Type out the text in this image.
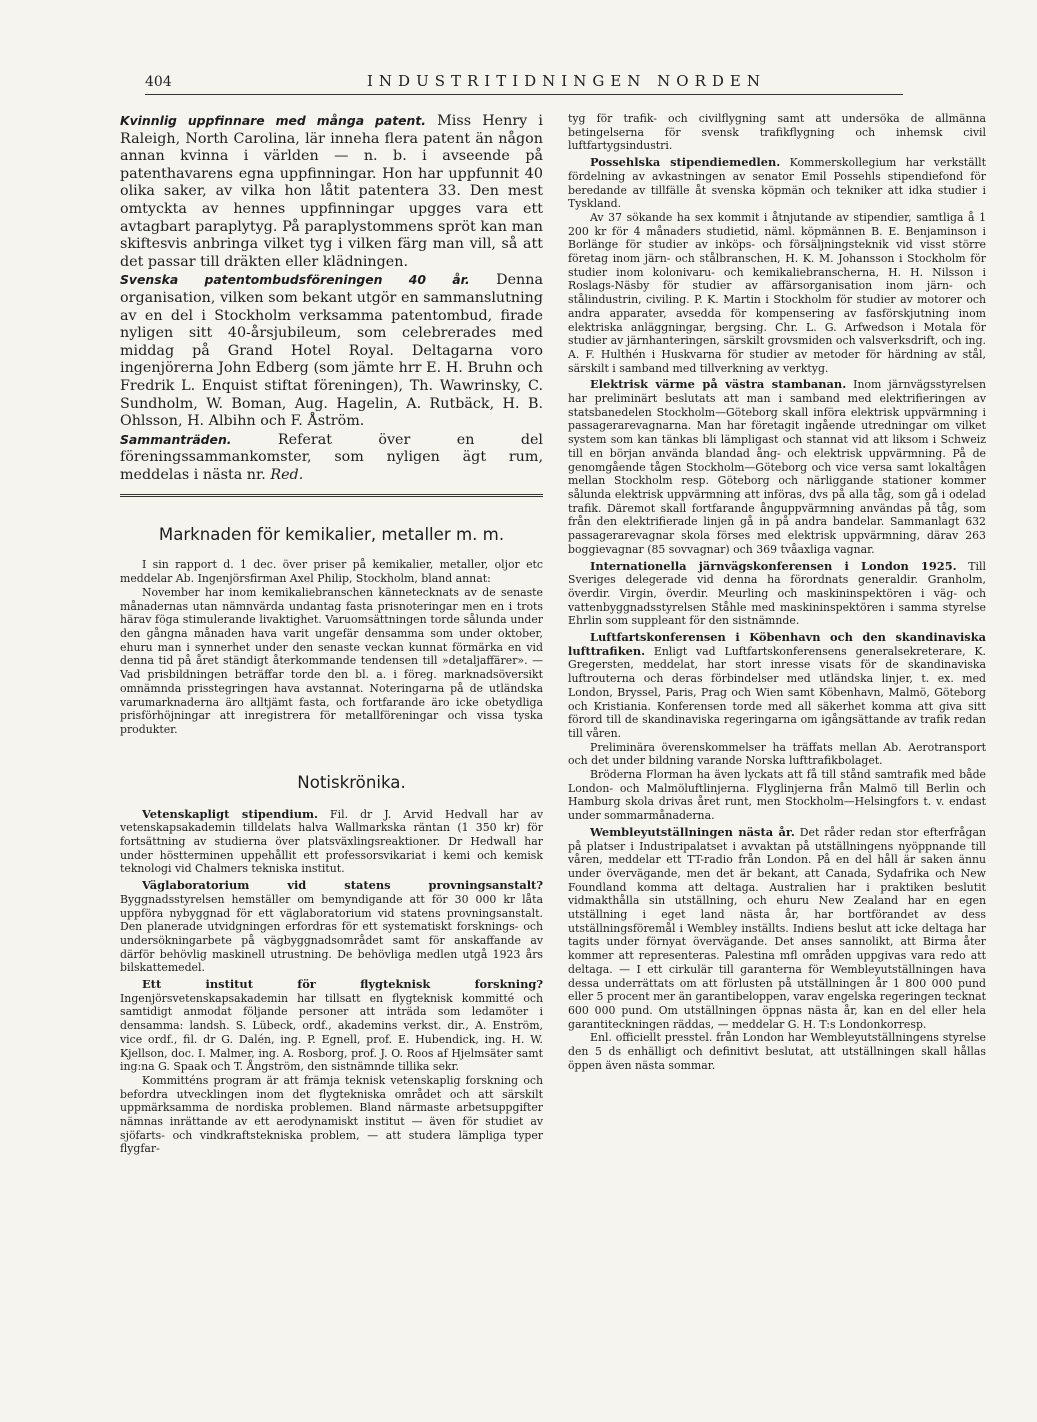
404	INDUSTRITIDNINGEN NORDEN

Kvinnlig uppfinnare med många patent. Miss Henry i Raleigh, North Carolina, lär inneha flera patent än någon annan kvinna i världen — n. b. i avseende på patenthavarens egna uppfinningar. Hon har uppfunnit 40 olika saker, av vilka hon låtit patentera 33. Den mest omtyckta av hennes uppfinningar upgges vara ett avtagbart paraplytyg. På paraplystommens spröt kan man skiftesvis anbringa vilket tyg i vilken färg man vill, så att det passar till dräkten eller klädningen.

Svenska patentombudsföreningen 40 år. Denna organisation, vilken som bekant utgör en sammanslutning av en del i Stockholm verksamma patentombud, firade nyligen sitt 40-årsjubileum, som celebrerades med middag på Grand Hotel Royal. Deltagarna voro ingenjörerna John Edberg (som jämte hrr E. H. Bruhn och Fredrik L. Enquist stiftat föreningen), Th. Wawrinsky, C. Sundholm, W. Boman, Aug. Hagelin, A. Rutbäck, H. B. Ohlsson, H. Albihn och F. Åström.

Sammanträden. Referat över en del föreningssammankomster, som nyligen ägt rum, meddelas i nästa nr. Red.

Marknaden för kemikalier, metaller m. m.

I sin rapport d. 1 dec. över priser på kemikalier, metaller, oljor etc meddelar Ab. Ingenjörsfirman Axel Philip, Stockholm, bland annat:

November har inom kemikaliebranschen kännetecknats av de senaste månadernas utan nämnvärda undantag fasta prisnoteringar men en i trots härav föga stimulerande livaktighet. Varuomsättningen torde sålunda under den gångna månaden hava varit ungefär densamma som under oktober, ehuru man i synnerhet under den senaste veckan kunnat förmärka en vid denna tid på året ständigt återkommande tendensen till »detaljaffärer». — Vad prisbildningen beträffar torde den bl. a. i föreg. marknadsöversikt omnämnda prisstegringen hava avstannat. Noteringarna på de utländska varumarknaderna äro alltjämt fasta, och fortfarande äro icke obetydliga prisförhöjningar att inregistrera för metallföreningar och vissa tyska produkter.

Notiskrönika.

Vetenskapligt stipendium. Fil. dr J. Arvid Hedvall har av vetenskapsakademin tilldelats halva Wallmarkska räntan (1 350 kr) för fortsättning av studierna över platsväxlingsreaktioner. Dr Hedwall har under höstterminen uppehållit ett professorsvikariat i kemi och kemisk teknologi vid Chalmers tekniska institut.

Väglaboratorium vid statens provningsanstalt? Byggnadsstyrelsen hemställer om bemyndigande att för 30 000 kr låta uppföra nybyggnad för ett väglaboratorium vid statens provningsanstalt. Den planerade utvidgningen erfordras för ett systematiskt forsknings- och undersökningarbete på vägbyggnadsområdet samt för anskaffande av därför behövlig maskinell utrustning. De behövliga medlen utgå 1923 års bilskattemedel.

Ett institut för flygteknisk forskning? Ingenjörsvetenskapsakademin har tillsatt en flygteknisk kommitté och samtidigt anmodat följande personer att inträda som ledamöter i densamma: landsh. S. Lübeck, ordf., akademins verkst. dir., A. Enström, vice ordf., fil. dr G. Dalén, ing. P. Egnell, prof. E. Hubendick, ing. H. W. Kjellson, doc. I. Malmer, ing. A. Rosborg, prof. J. O. Roos af Hjelmsäter samt ing:na G. Spaak och T. Ångström, den sistnämnde tillika sekr.

Kommitténs program är att främja teknisk vetenskaplig forskning och befordra utvecklingen inom det flygtekniska området och att särskilt uppmärksamma de nordiska problemen. Bland närmaste arbetsuppgifter nämnas inrättande av ett aerodynamiskt institut — även för studiet av sjöfarts- och vindkraftstekniska problem, — att studera lämpliga typer flygfar-

tyg för trafik- och civilflygning samt att undersöka de allmänna betingelserna för svensk trafikflygning och inhemsk civil luftfartygsindustri.

Possehlska stipendiemedlen. Kommerskollegium har verkställt fördelning av avkastningen av senator Emil Possehls stipendiefond för beredande av tillfälle åt svenska köpmän och tekniker att idka studier i Tyskland.

Av 37 sökande ha sex kommit i åtnjutande av stipendier, samtliga å 1 200 kr för 4 månaders studietid, näml. köpmännen B. E. Benjaminson i Borlänge för studier av inköps- och försäljningsteknik vid visst större företag inom järn- och stålbranschen, H. K. M. Johansson i Stockholm för studier inom kolonivaru- och kemikaliebranscherna, H. H. Nilsson i Roslags-Näsby för studier av affärsorganisation inom järn- och stålindustrin, civiling. P. K. Martin i Stockholm för studier av motorer och andra apparater, avsedda för kompensering av fasförskjutning inom elektriska anläggningar, bergsing. Chr. L. G. Arfwedson i Motala för studier av järnhanteringen, särskilt grovsmiden och valsverksdrift, och ing. A. F. Hulthén i Huskvarna för studier av metoder för härdning av stål, särskilt i samband med tillverkning av verktyg.

Elektrisk värme på västra stambanan. Inom järnvägsstyrelsen har preliminärt beslutats att man i samband med elektrifieringen av statsbanedelen Stockholm—Göteborg skall införa elektrisk uppvärmning i passagerarevagnarna. Man har företagit ingående utredningar om vilket system som kan tänkas bli lämpligast och stannat vid att liksom i Schweiz till en början använda blandad ång- och elektrisk uppvärmning. På de genomgående tågen Stockholm—Göteborg och vice versa samt lokaltågen mellan Stockholm resp. Göteborg och närliggande stationer kommer sålunda elektrisk uppvärmning att införas, dvs på alla tåg, som gå i odelad trafik. Däremot skall fortfarande ånguppvärmning användas på tåg, som från den elektrifierade linjen gå in på andra bandelar. Sammanlagt 632 passagerarevagnar skola förses med elektrisk uppvärmning, därav 263 boggievagnar (85 sovvagnar) och 369 tvåaxliga vagnar.

Internationella järnvägskonferensen i London 1925. Till Sveriges delegerade vid denna ha förordnats generaldir. Granholm, överdir. Virgin, överdir. Meurling och maskininspektören i väg- och vattenbyggnadsstyrelsen Ståhle med maskininspektören i samma styrelse Ehrlin som suppleant för den sistnämnde.

Luftfartskonferensen i Köbenhavn och den skandinaviska lufttrafiken. Enligt vad Luftfartskonferensens generalsekreterare, K. Gregersten, meddelat, har stort inresse visats för de skandinaviska luftrouterna och deras förbindelser med utländska linjer, t. ex. med London, Bryssel, Paris, Prag och Wien samt Köbenhavn, Malmö, Göteborg och Kristiania. Konferensen torde med all säkerhet komma att giva sitt förord till de skandinaviska regeringarna om igångsättande av trafik redan till våren.

Preliminära överenskommelser ha träffats mellan Ab. Aerotransport och det under bildning varande Norska lufttrafikbolaget.

Bröderna Florman ha även lyckats att få till stånd samtrafik med både London- och Malmöluftlinjerna. Flyglinjerna från Malmö till Berlin och Hamburg skola drivas året runt, men Stockholm—Helsingfors t. v. endast under sommarmånaderna.

Wembleyutställningen nästa år. Det råder redan stor efterfrågan på platser i Industripalatset i avvaktan på utställningens nyöppnande till våren, meddelar ett TT-radio från London. På en del håll är saken ännu under övervägande, men det är bekant, att Canada, Sydafrika och New Foundland komma att deltaga. Australien har i praktiken beslutit vidmakthålla sin utställning, och ehuru New Zealand har en egen utställning i eget land nästa år, har bortförandet av dess utställningsföremål i Wembley inställts. Indiens beslut att icke deltaga har tagits under förnyat övervägande. Det anses sannolikt, att Birma åter kommer att representeras. Palestina mfl områden uppgivas vara redo att deltaga. — I ett cirkulär till garanterna för Wembleyutställningen hava dessa underrättats om att förlusten på utställningen år 1 800 000 pund eller 5 procent mer än garantibeloppen, varav engelska regeringen tecknat 600 000 pund. Om utställningen öppnas nästa år, kan en del eller hela garantiteckningen räddas, — meddelar G. H. T:s Londonkorresp.

Enl. officiellt presstel. från London har Wembleyutställningens styrelse den 5 ds enhälligt och definitivt beslutat, att utställningen skall hållas öppen även nästa sommar.
